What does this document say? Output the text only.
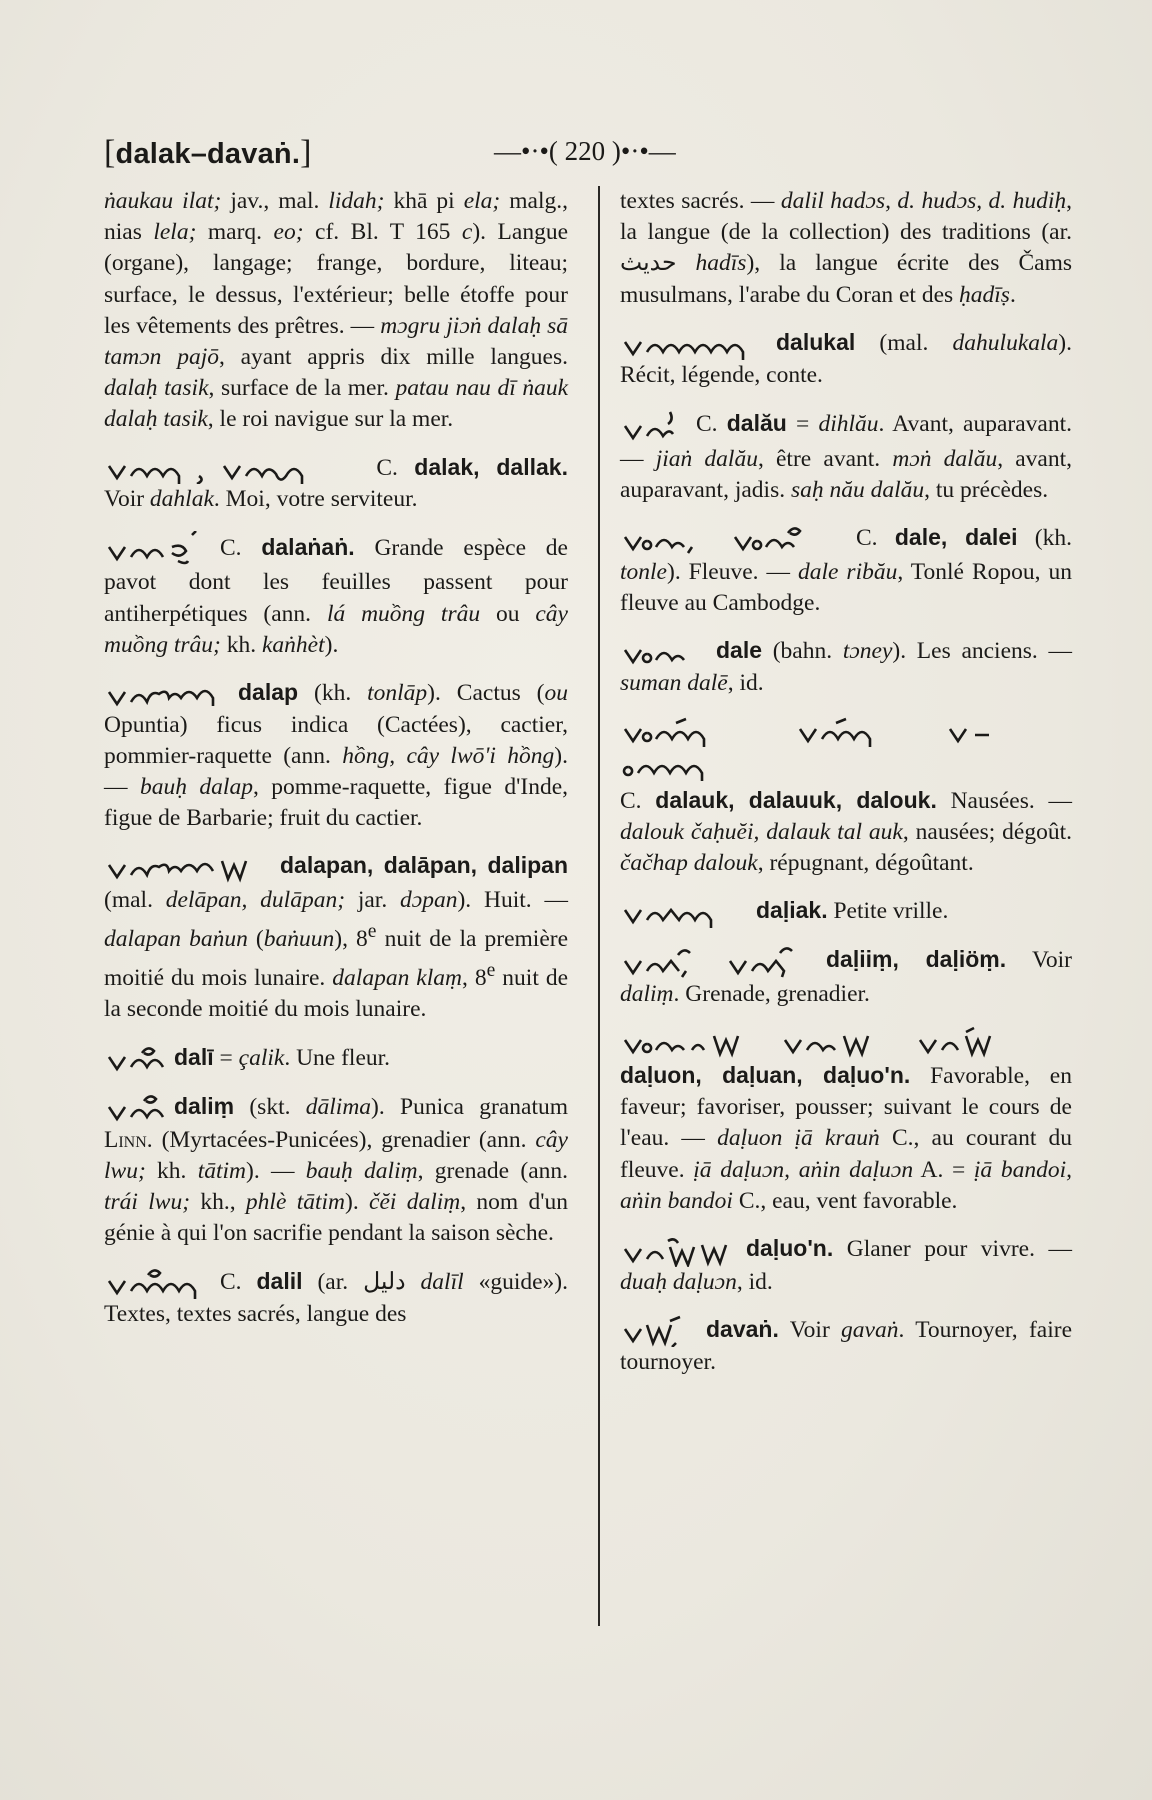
[dalak–davaṅ.]	—•·•( 220 )•·•—

ṅaukau ilat; jav., mal. lidah; khā pi ela; malg., nias lela; marq. eo; cf. Bl. T 165 c). Langue (organe), langage; frange, bordure, liteau; surface, le dessus, l'extérieur; belle étoffe pour les vêtements des prêtres. — mɔgru jiɔṅ dalaḥ sā tamɔn pajō, ayant appris dix mille langues. dalaḥ tasik, surface de la mer. patau nau dī ṅauk dalaḥ tasik, le roi navigue sur la mer.

C. dalak, dallak. Voir dahlak. Moi, votre serviteur.

C. dalaṅaṅ. Grande espèce de pavot dont les feuilles passent pour antiherpétiques (ann. lá muồng trâu ou cây muồng trâu; kh. kaṅhèt).

dalap (kh. tonlāp). Cactus (ou Opuntia) ficus indica (Cactées), cactier, pommier-raquette (ann. hồng, cây lwō'i hồng). — bauḥ dalap, pomme-raquette, figue d'Inde, figue de Barbarie; fruit du cactier.

dalapan, dalāpan, dalipan (mal. delāpan, dulāpan; jar. dɔpan). Huit. — dalapan baṅun (baṅuun), 8e nuit de la première moitié du mois lunaire. dalapan klaṃ, 8e nuit de la seconde moitié du mois lunaire.

dalī = çalik. Une fleur.

daliṃ (skt. dālima). Punica granatum Linn. (Myrtacées-Punicées), grenadier (ann. cây lwu; kh. tātim). — bauḥ daliṃ, grenade (ann. trái lwu; kh., phlè tātim). čĕi daliṃ, nom d'un génie à qui l'on sacrifie pendant la saison sèche.

C. dalil (ar. دليل dalīl «guide»). Textes, textes sacrés, langue des

textes sacrés. — dalil hadɔs, d. hudɔs, d. hudiḥ, la langue (de la collection) des traditions (ar. حديث hadīs), la langue écrite des Čams musulmans, l'arabe du Coran et des ḥadīṣ.

dalukal (mal. dahulukala). Récit, légende, conte.

C. dalău = dihlău. Avant, auparavant. — jiaṅ dalău, être avant. mɔṅ dalău, avant, auparavant, jadis. saḥ nău dalău, tu précèdes.

C. dale, dalei (kh. tonle). Fleuve. — dale ribău, Tonlé Ropou, un fleuve au Cambodge.

dale (bahn. tɔney). Les anciens. — suman dalē, id.

C. dalauk, dalauuk, dalouk. Nausées. — dalouk čaḥuĕi, dalauk tal auk, nausées; dégoût. čačhap dalouk, répugnant, dégoûtant.

daḷiak. Petite vrille.

daḷiiṃ, daḷiöṃ. Voir daliṃ. Grenade, grenadier.

daḷuon, daḷuan, daḷuo'n. Favorable, en faveur; favoriser, pousser; suivant le cours de l'eau. — daḷuon ịā krauṅ C., au courant du fleuve. ịā daḷuɔn, aṅin daḷuɔn A. = ịā bandoi, aṅin bandoi C., eau, vent favorable.

daḷuo'n. Glaner pour vivre. — duaḥ daḷuɔn, id.

davaṅ. Voir gavaṅ. Tournoyer, faire tournoyer.
